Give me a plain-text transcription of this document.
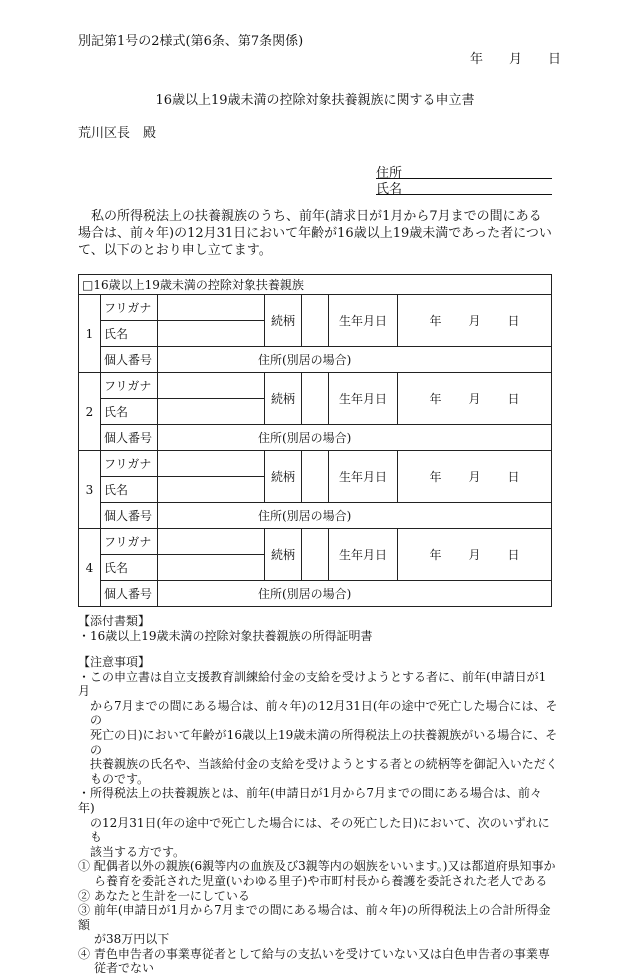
別記第1号の2様式(第6条、第7条関係)
年 月 日
16歳以上19歳未満の控除対象扶養親族に関する申立書
荒川区長　殿
住所
氏名
私の所得税法上の扶養親族のうち、前年(請求日が1月から7月までの間にある
場合は、前々年)の12月31日において年齢が16歳以上19歳未満であった者につい
て、以下のとおり申し立てます。
□16歳以上19歳未満の控除対象扶養親族						
1	フリガナ		続柄		生年月日	年 月 日
	氏名					
	個人番号	住所(別居の場合)				
2	フリガナ		続柄		生年月日	年 月 日
	氏名					
	個人番号	住所(別居の場合)				
3	フリガナ		続柄		生年月日	年 月 日
	氏名					
	個人番号	住所(別居の場合)				
4	フリガナ		続柄		生年月日	年 月 日
	氏名					
	個人番号	住所(別居の場合)				

【添付書類】

・16歳以上19歳未満の控除対象扶養親族の所得証明書

【注意事項】

・この申立書は自立支援教育訓練給付金の支給を受けようとする者に、前年(申請日が1月

から7月までの間にある場合は、前々年)の12月31日(年の途中で死亡した場合には、その

死亡の日)において年齢が16歳以上19歳未満の所得税法上の扶養親族がいる場合に、その

扶養親族の氏名や、当該給付金の支給を受けようとする者との続柄等を御記入いただく

ものです。

・所得税法上の扶養親族とは、前年(申請日が1月から7月までの間にある場合は、前々年)

の12月31日(年の途中で死亡した場合には、その死亡した日)において、次のいずれにも

該当する方です。

① 配偶者以外の親族(6親等内の血族及び3親等内の姻族をいいます。)又は都道府県知事か

ら養育を委託された児童(いわゆる里子)や市町村長から養護を委託された老人である

② あなたと生計を一にしている

③ 前年(申請日が1月から7月までの間にある場合は、前々年)の所得税法上の合計所得金額

が38万円以下

④ 青色申告者の事業専従者として給与の支払いを受けていない又は白色申告者の事業専

従者でない
